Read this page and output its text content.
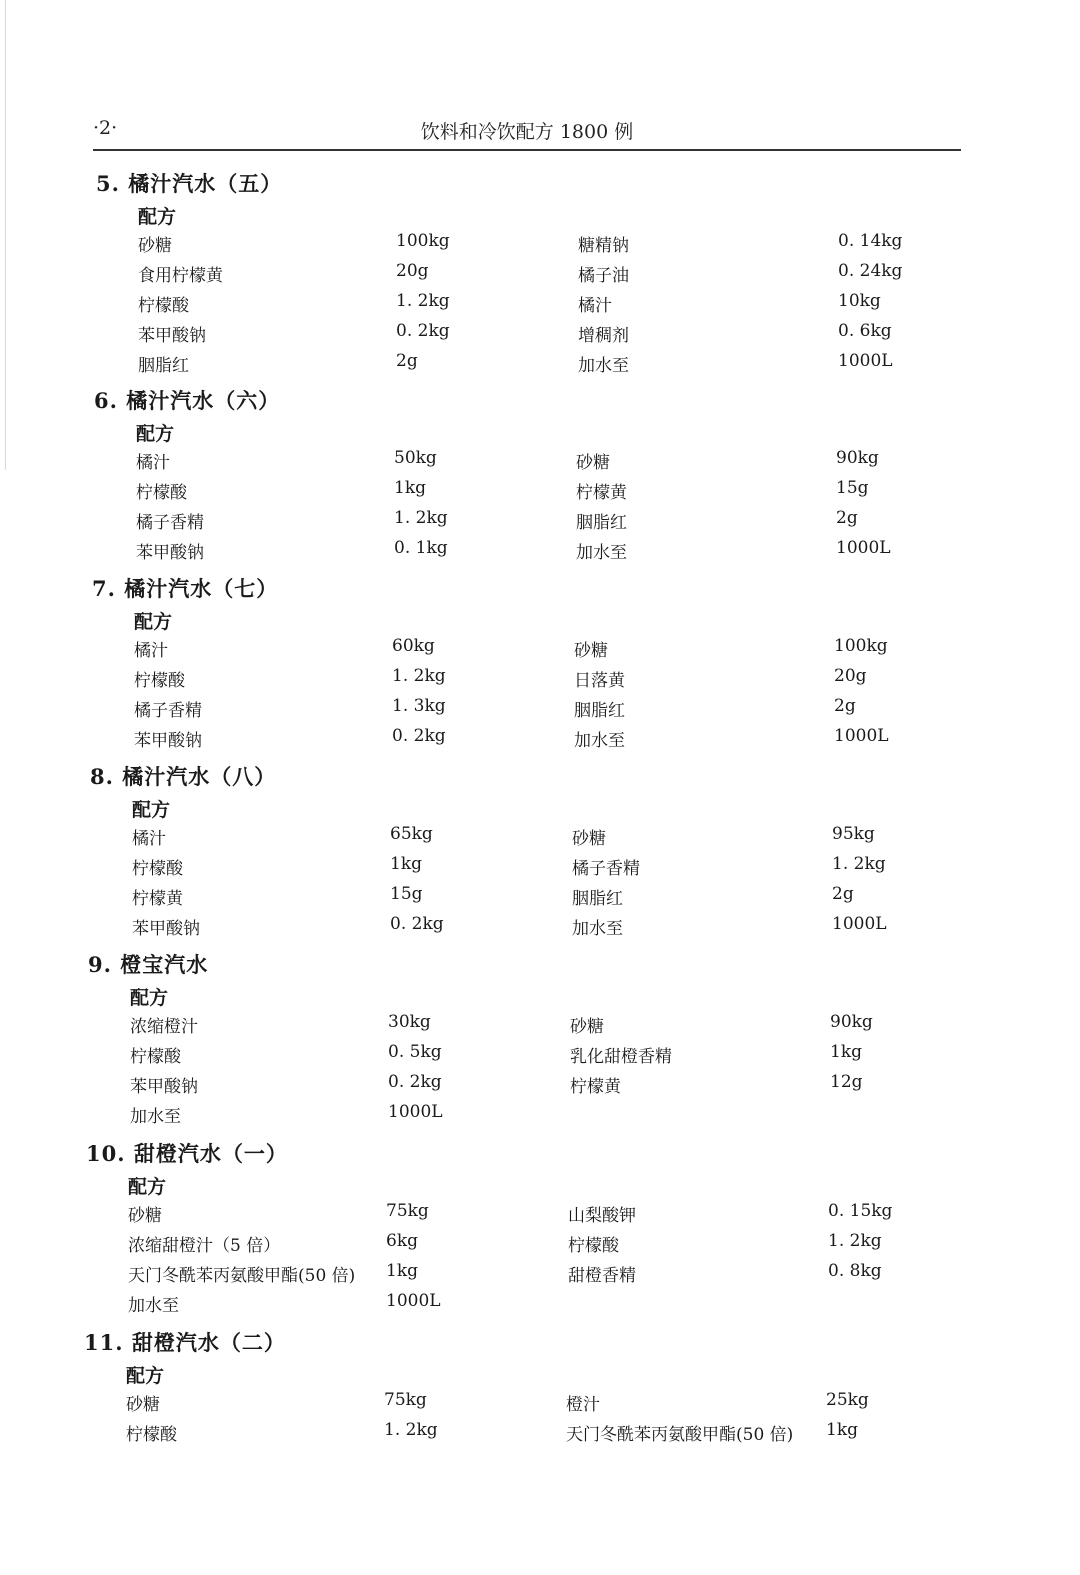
·2·	饮料和冷饮配方 1800 例
5. 橘汁汽水（五）
配方
砂糖	100kg	糖精钠	0. 14kg
食用柠檬黄	20g	橘子油	0. 24kg
柠檬酸	1. 2kg	橘汁	10kg
苯甲酸钠	0. 2kg	增稠剂	0. 6kg
胭脂红	2g	加水至	1000L
6. 橘汁汽水（六）
配方
橘汁	50kg	砂糖	90kg
柠檬酸	1kg	柠檬黄	15g
橘子香精	1. 2kg	胭脂红	2g
苯甲酸钠	0. 1kg	加水至	1000L
7. 橘汁汽水（七）
配方
橘汁	60kg	砂糖	100kg
柠檬酸	1. 2kg	日落黄	20g
橘子香精	1. 3kg	胭脂红	2g
苯甲酸钠	0. 2kg	加水至	1000L
8. 橘汁汽水（八）
配方
橘汁	65kg	砂糖	95kg
柠檬酸	1kg	橘子香精	1. 2kg
柠檬黄	15g	胭脂红	2g
苯甲酸钠	0. 2kg	加水至	1000L
9. 橙宝汽水
配方
浓缩橙汁	30kg	砂糖	90kg
柠檬酸	0. 5kg	乳化甜橙香精	1kg
苯甲酸钠	0. 2kg	柠檬黄	12g
加水至	1000L
10. 甜橙汽水（一）
配方
砂糖	75kg	山梨酸钾	0. 15kg
浓缩甜橙汁（5 倍）	6kg	柠檬酸	1. 2kg
天门冬酰苯丙氨酸甲酯(50 倍) 1kg	甜橙香精	0. 8kg
加水至	1000L
11. 甜橙汽水（二）
配方
砂糖	75kg	橙汁	25kg
柠檬酸	1. 2kg	天门冬酰苯丙氨酸甲酯(50 倍) 1kg
